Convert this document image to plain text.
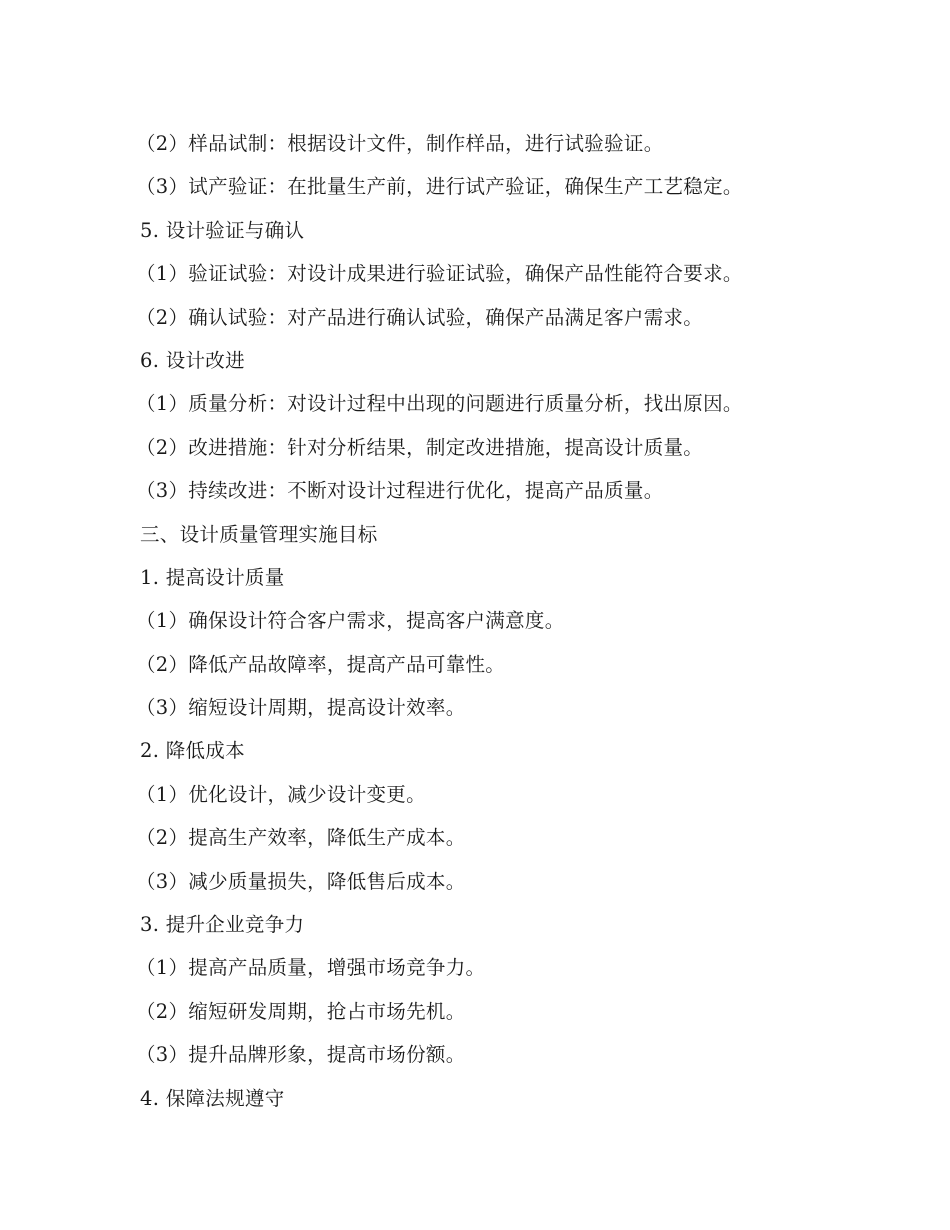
（2）样品试制：根据设计文件，制作样品，进行试验验证。
（3）试产验证：在批量生产前，进行试产验证，确保生产工艺稳定。
5. 设计验证与确认
（1）验证试验：对设计成果进行验证试验，确保产品性能符合要求。
（2）确认试验：对产品进行确认试验，确保产品满足客户需求。
6. 设计改进
（1）质量分析：对设计过程中出现的问题进行质量分析，找出原因。
（2）改进措施：针对分析结果，制定改进措施，提高设计质量。
（3）持续改进：不断对设计过程进行优化，提高产品质量。
三、设计质量管理实施目标
1. 提高设计质量
（1）确保设计符合客户需求，提高客户满意度。
（2）降低产品故障率，提高产品可靠性。
（3）缩短设计周期，提高设计效率。
2. 降低成本
（1）优化设计，减少设计变更。
（2）提高生产效率，降低生产成本。
（3）减少质量损失，降低售后成本。
3. 提升企业竞争力
（1）提高产品质量，增强市场竞争力。
（2）缩短研发周期，抢占市场先机。
（3）提升品牌形象，提高市场份额。
4. 保障法规遵守
